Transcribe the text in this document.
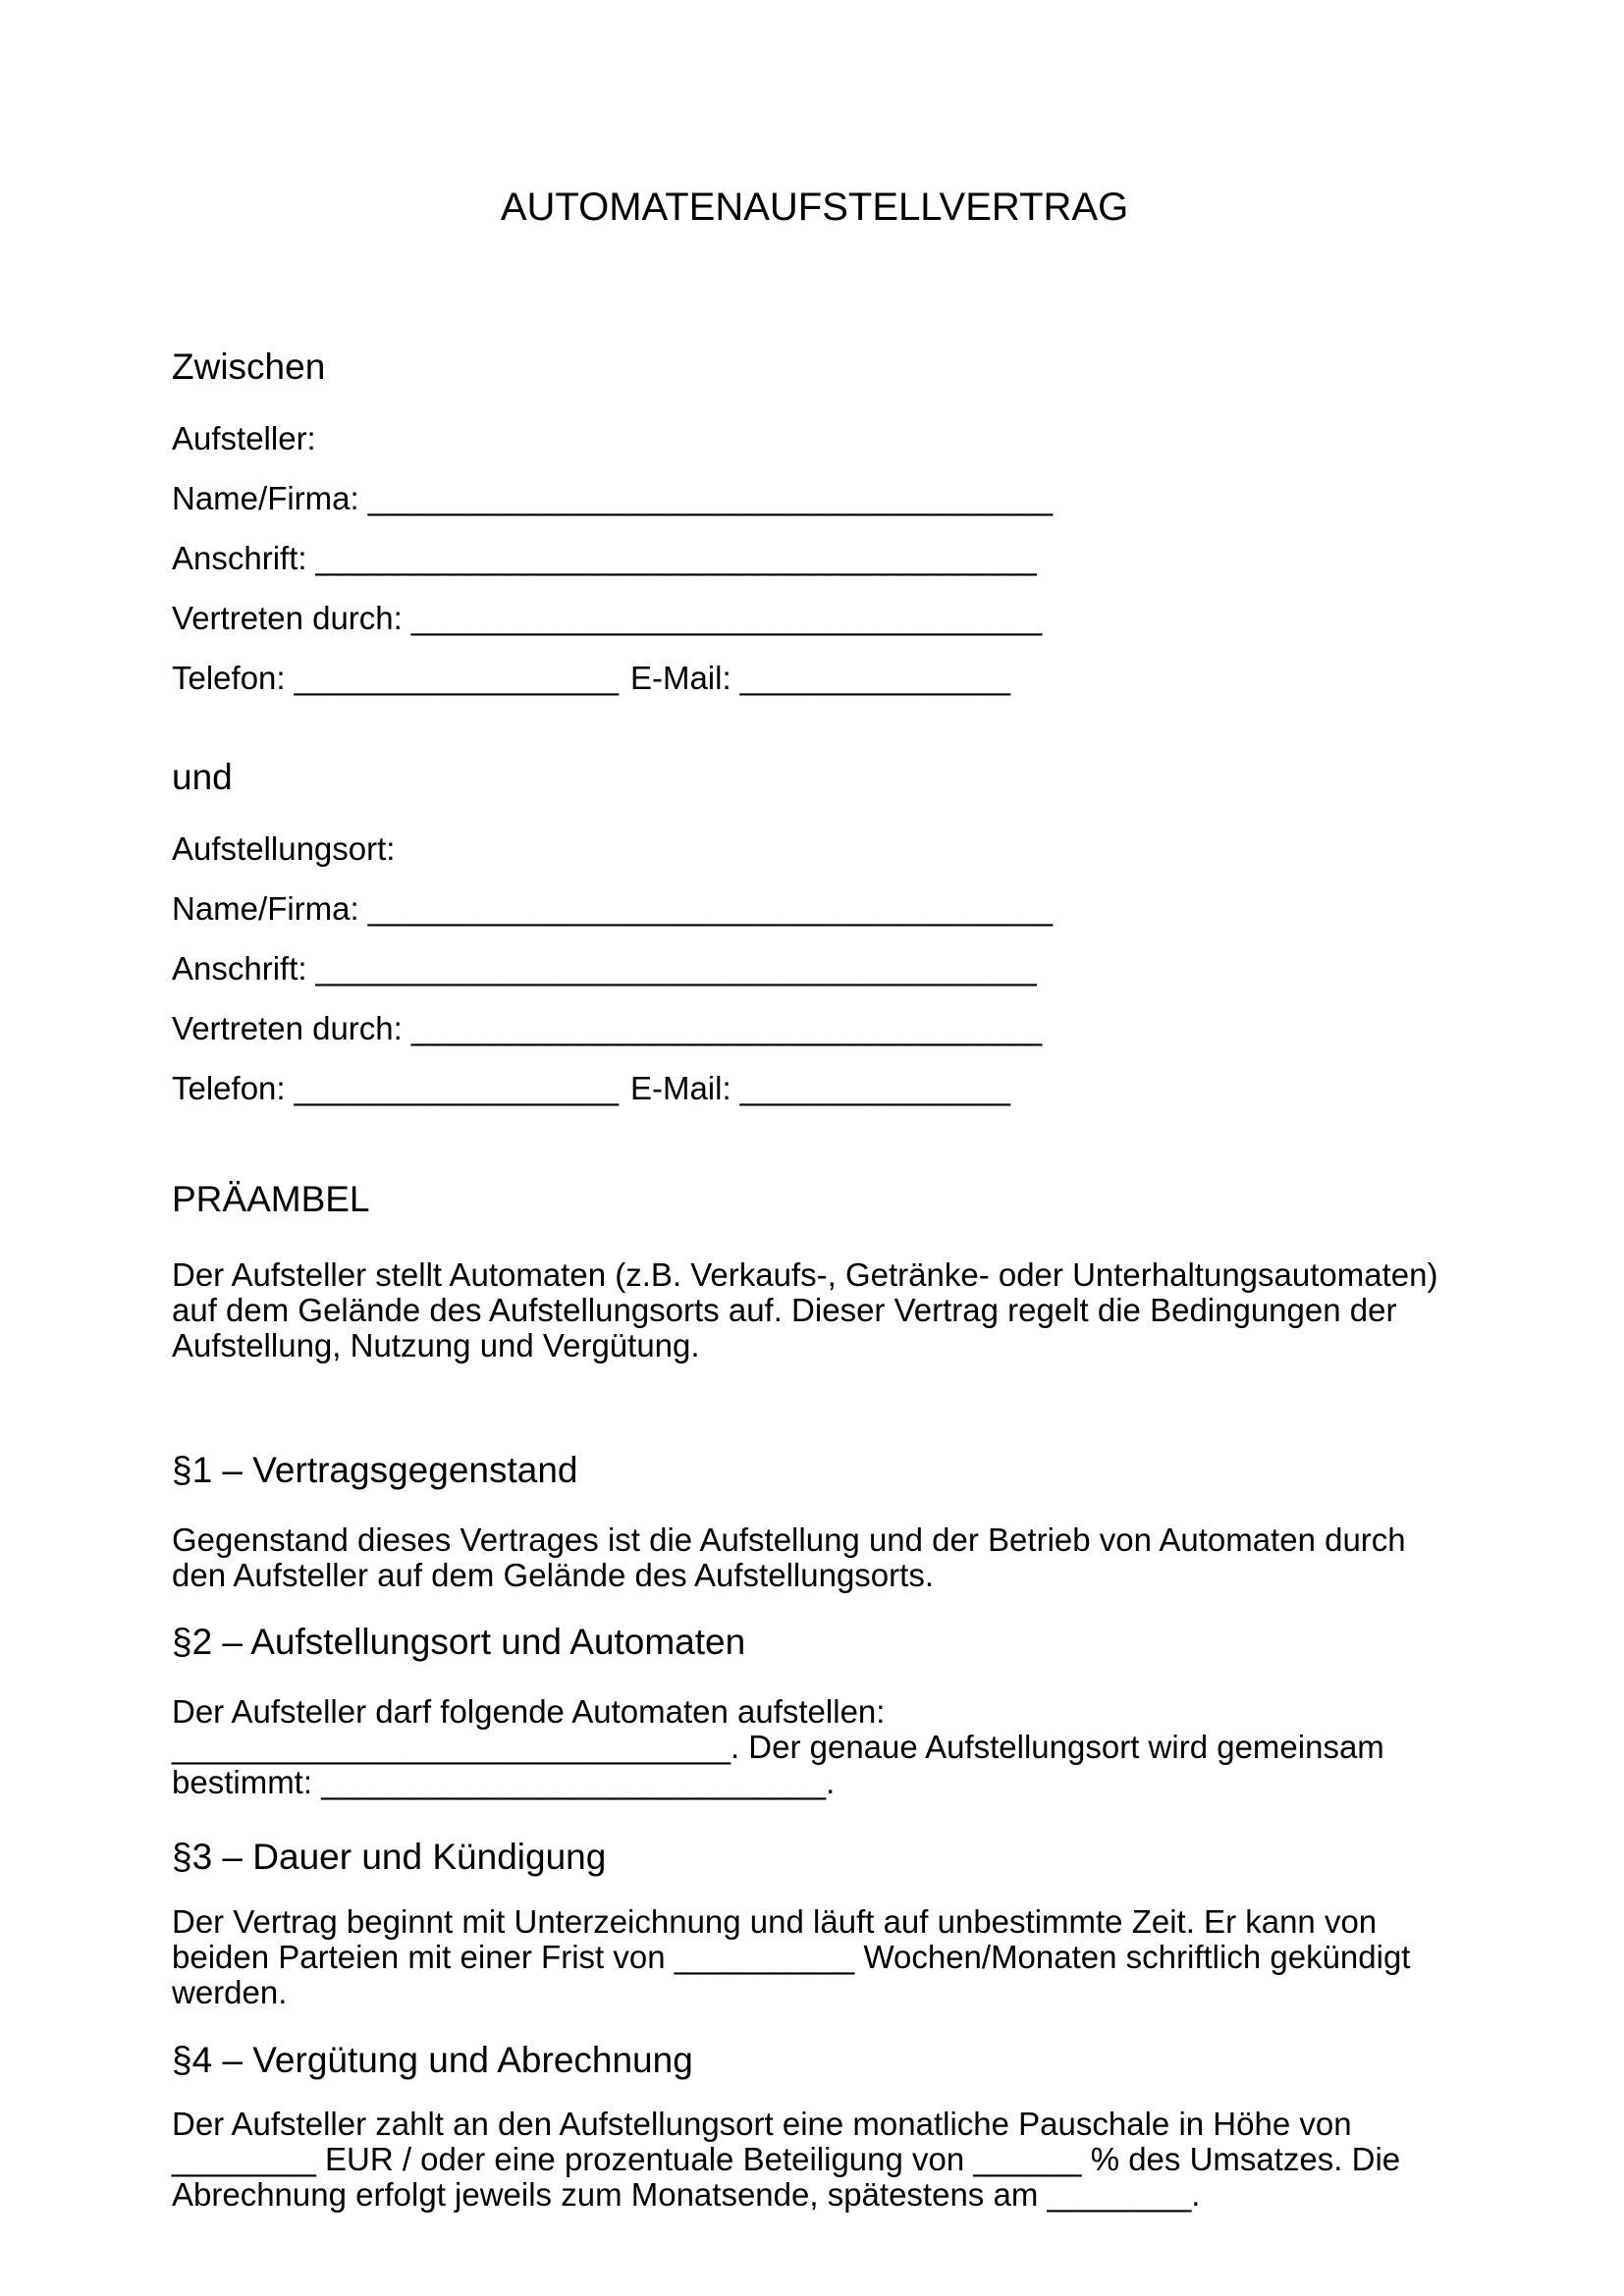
AUTOMATENAUFSTELLVERTRAG
Zwischen

Aufsteller:

Name/Firma: ______________________________________

Anschrift: ________________________________________

Vertreten durch: ___________________________________

Telefon: __________________ E-Mail: _______________

und

Aufstellungsort:

Name/Firma: ______________________________________

Anschrift: ________________________________________

Vertreten durch: ___________________________________

Telefon: __________________ E-Mail: _______________

PRÄAMBEL

Der Aufsteller stellt Automaten (z.B. Verkaufs-, Getränke- oder Unterhaltungsautomaten) auf dem Gelände des Aufstellungsorts auf. Dieser Vertrag regelt die Bedingungen der Aufstellung, Nutzung und Vergütung.

§1 – Vertragsgegenstand

Gegenstand dieses Vertrages ist die Aufstellung und der Betrieb von Automaten durch den Aufsteller auf dem Gelände des Aufstellungsorts.

§2 – Aufstellungsort und Automaten

Der Aufsteller darf folgende Automaten aufstellen: _______________________________. Der genaue Aufstellungsort wird gemeinsam bestimmt: ____________________________.

§3 – Dauer und Kündigung

Der Vertrag beginnt mit Unterzeichnung und läuft auf unbestimmte Zeit. Er kann von beiden Parteien mit einer Frist von __________ Wochen/Monaten schriftlich gekündigt werden.

§4 – Vergütung und Abrechnung

Der Aufsteller zahlt an den Aufstellungsort eine monatliche Pauschale in Höhe von ________ EUR / oder eine prozentuale Beteiligung von ______ % des Umsatzes. Die Abrechnung erfolgt jeweils zum Monatsende, spätestens am ________.
